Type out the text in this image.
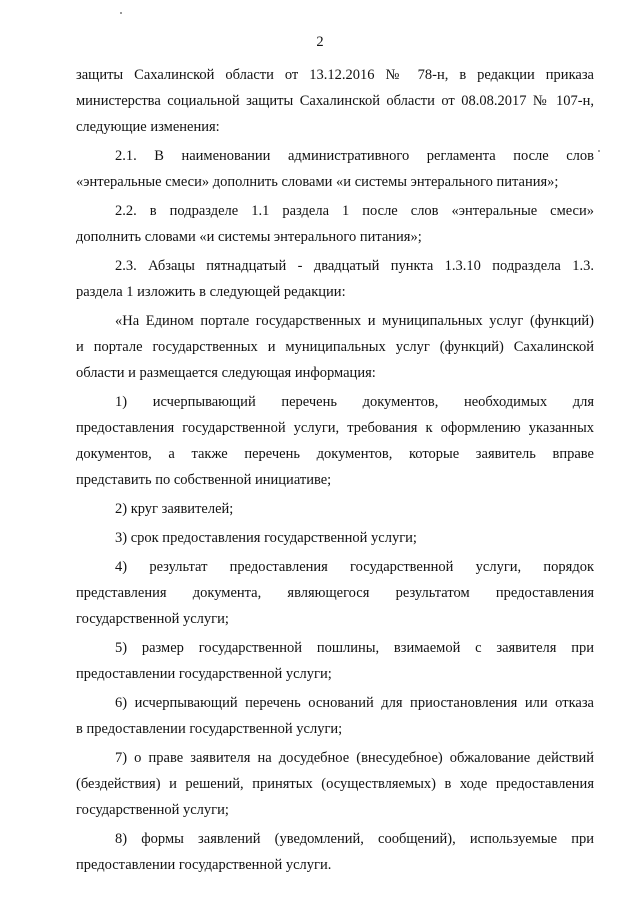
2
защиты Сахалинской области от 13.12.2016 № 78-н, в редакции приказа
министерства социальной защиты Сахалинской области от 08.08.2017 № 107-н,
следующие изменения:
2.1. В наименовании административного регламента после слов
«энтеральные смеси» дополнить словами «и системы энтерального питания»;
2.2. в подразделе 1.1 раздела 1 после слов «энтеральные смеси»
дополнить словами «и системы энтерального питания»;
2.3. Абзацы пятнадцатый - двадцатый пункта 1.3.10 подраздела 1.3.
раздела 1 изложить в следующей редакции:
«На Едином портале государственных и муниципальных услуг (функций)
и портале государственных и муниципальных услуг (функций) Сахалинской
области и размещается следующая информация:
1) исчерпывающий перечень документов, необходимых для
предоставления государственной услуги, требования к оформлению указанных
документов, а также перечень документов, которые заявитель вправе
представить по собственной инициативе;
2) круг заявителей;
3) срок предоставления государственной услуги;
4) результат предоставления государственной услуги, порядок
представления документа, являющегося результатом предоставления
государственной услуги;
5) размер государственной пошлины, взимаемой с заявителя при
предоставлении государственной услуги;
6) исчерпывающий перечень оснований для приостановления или отказа
в предоставлении государственной услуги;
7) о праве заявителя на досудебное (внесудебное) обжалование действий
(бездействия) и решений, принятых (осуществляемых) в ходе предоставления
государственной услуги;
8) формы заявлений (уведомлений, сообщений), используемые при
предоставлении государственной услуги.
